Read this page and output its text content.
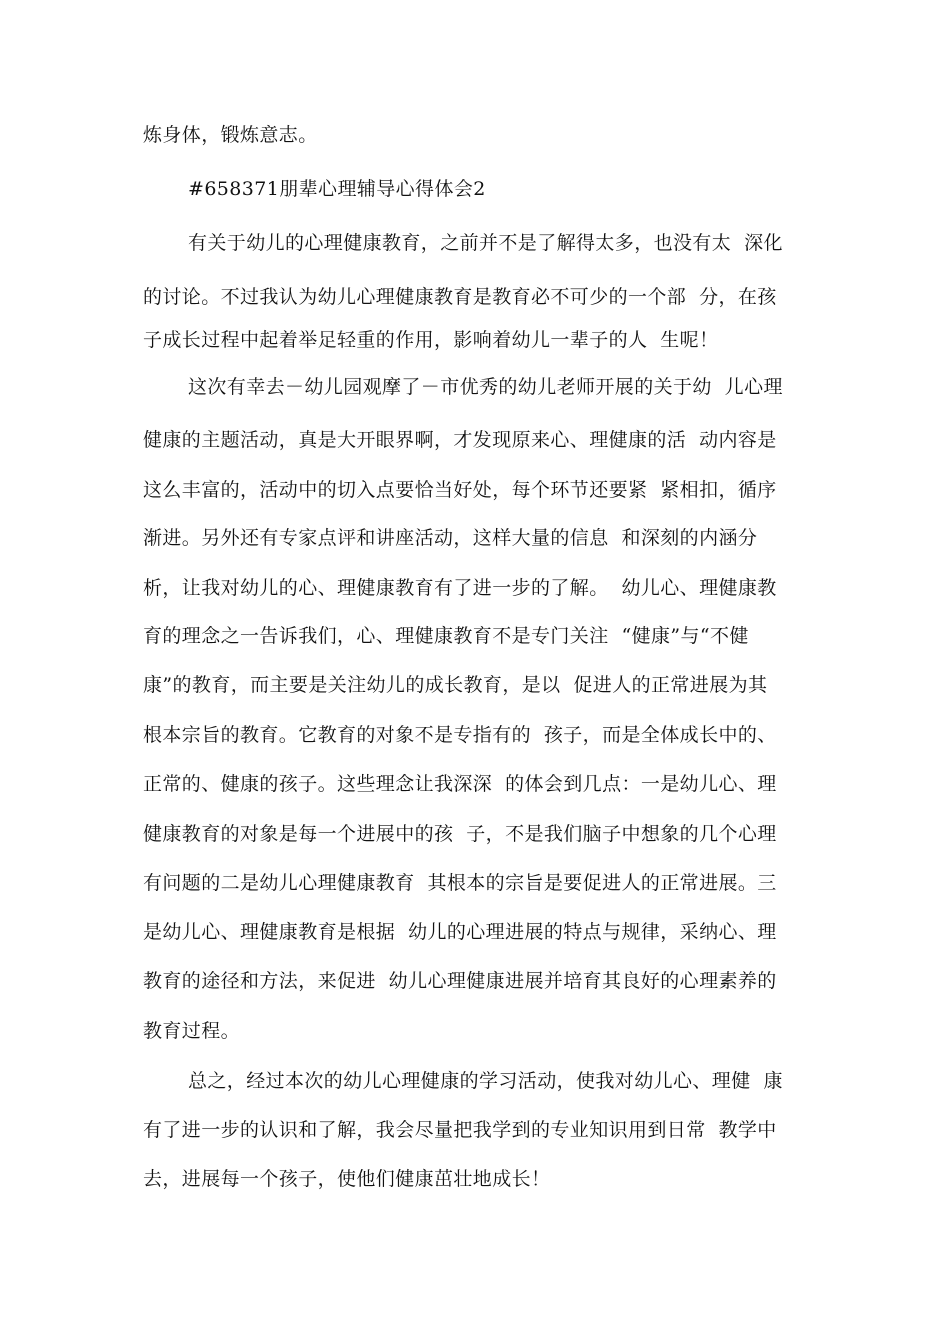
炼身体，锻炼意志。
#658371朋辈心理辅导心得体会2
有关于幼儿的心理健康教育，之前并不是了解得太多，也没有太  深化
的讨论。不过我认为幼儿心理健康教育是教育必不可少的一个部  分，在孩
子成长过程中起着举足轻重的作用，影响着幼儿一辈子的人  生呢！
这次有幸去－幼儿园观摩了－市优秀的幼儿老师开展的关于幼  儿心理
健康的主题活动，真是大开眼界啊，才发现原来心、理健康的活  动内容是
这么丰富的，活动中的切入点要恰当好处，每个环节还要紧  紧相扣，循序
渐进。另外还有专家点评和讲座活动，这样大量的信息  和深刻的内涵分
析，让我对幼儿的心、理健康教育有了进一步的了解。  幼儿心、理健康教
育的理念之一告诉我们，心、理健康教育不是专门关注  “健康”与“不健
康”的教育，而主要是关注幼儿的成长教育，是以  促进人的正常进展为其
根本宗旨的教育。它教育的对象不是专指有的  孩子，而是全体成长中的、
正常的、健康的孩子。这些理念让我深深  的体会到几点：一是幼儿心、理
健康教育的对象是每一个进展中的孩  子，不是我们脑子中想象的几个心理
有问题的二是幼儿心理健康教育  其根本的宗旨是要促进人的正常进展。三
是幼儿心、理健康教育是根据  幼儿的心理进展的特点与规律，采纳心、理
教育的途径和方法，来促进  幼儿心理健康进展并培育其良好的心理素养的
教育过程。
总之，经过本次的幼儿心理健康的学习活动，使我对幼儿心、理健  康
有了进一步的认识和了解，我会尽量把我学到的专业知识用到日常  教学中
去，进展每一个孩子，使他们健康茁壮地成长！
